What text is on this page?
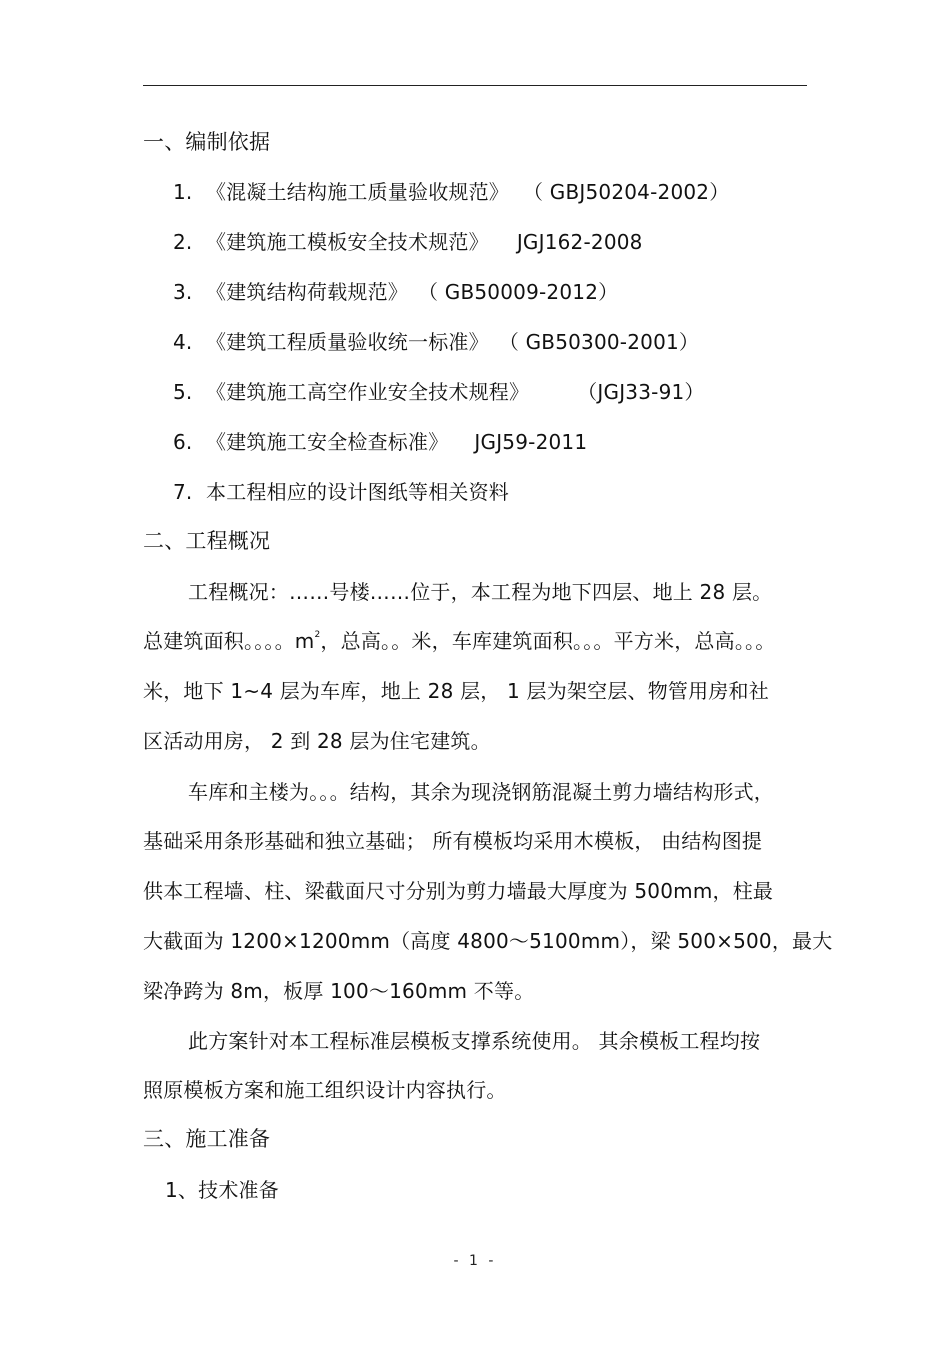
一、编制依据
1. 《混凝土结构施工质量验收规范》 （ GBJ50204-2002）
2. 《建筑施工模板安全技术规范》 JGJ162-2008
3. 《建筑结构荷载规范》 （ GB50009-2012）
4. 《建筑工程质量验收统一标准》 （ GB50300-2001）
5. 《建筑施工高空作业安全技术规程》 （JGJ33-91）
6. 《建筑施工安全检查标准》 JGJ59-2011
7. 本工程相应的设计图纸等相关资料
二、工程概况
工程概况：……号楼……位于，本工程为地下四层、地上 28 层。
总建筑面积。。。。$m^2$，总高。。米，车库建筑面积。。。平方米，总高。。。
米，地下 1~4 层为车库，地上 28 层， 1 层为架空层、物管用房和社
区活动用房， 2 到 28 层为住宅建筑。
车库和主楼为。。。结构，其余为现浇钢筋混凝土剪力墙结构形式，
基础采用条形基础和独立基础； 所有模板均采用木模板， 由结构图提
供本工程墙、柱、梁截面尺寸分别为剪力墙最大厚度为 500mm，柱最
大截面为 1200×1200mm（高度 4800～5100mm），梁 500×500，最大
梁净跨为 8m，板厚 100～160mm 不等。
此方案针对本工程标准层模板支撑系统使用。 其余模板工程均按
照原模板方案和施工组织设计内容执行。
三、施工准备
1、技术准备
- 1 -
